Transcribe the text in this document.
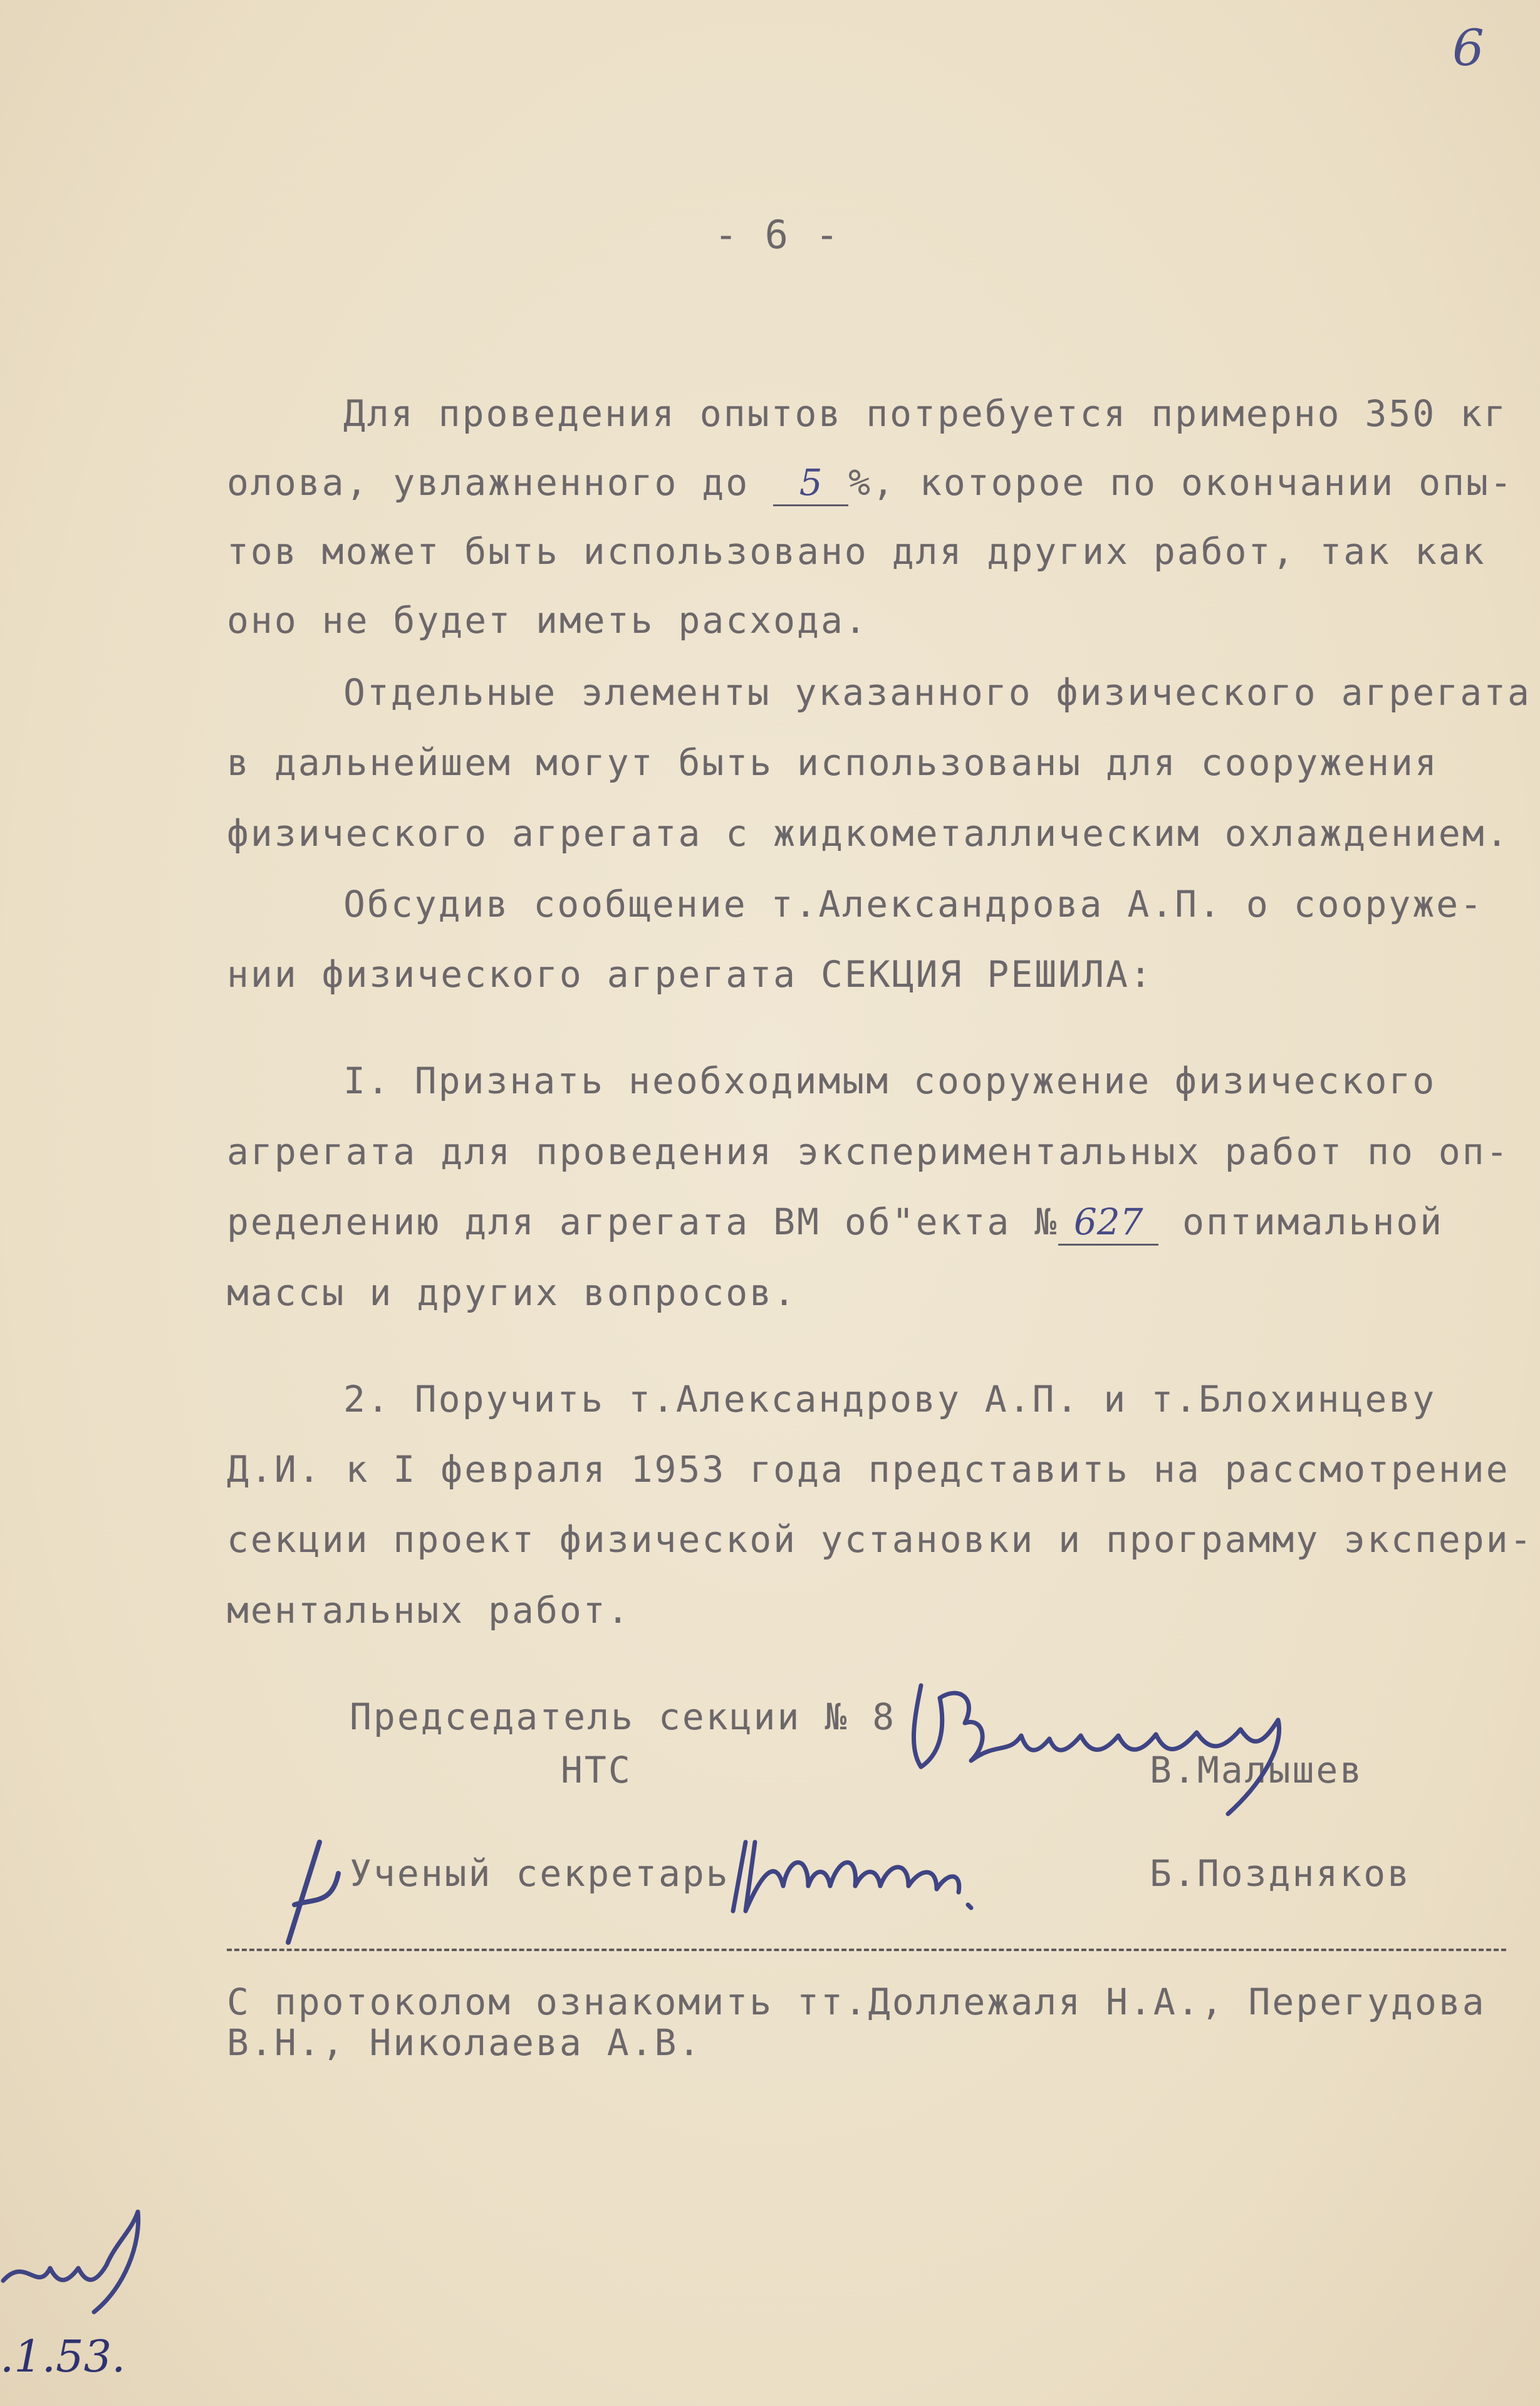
6
- 6 -
Для проведения опытов потребуется примерно 350 кг
олова, увлажненного до 5 %, которое по окончании опы-
тов может быть использовано для других работ, так как
оно не будет иметь расхода.
Отдельные элементы указанного физического агрегата
в дальнейшем могут быть использованы для сооружения
физического агрегата с жидкометаллическим охлаждением.
Обсудив сообщение т.Александрова А.П. о сооруже-
нии физического агрегата СЕКЦИЯ РЕШИЛА:
I. Признать необходимым сооружение физического
агрегата для проведения экспериментальных работ по оп-
ределению для агрегата ВМ об"екта № 627 оптимальной
массы и других вопросов.
2. Поручить т.Александрову А.П. и т.Блохинцеву
Д.И. к I февраля 1953 года представить на рассмотрение
секции проект физической установки и программу экспери-
ментальных работ.
Председатель секции № 8
НТС	В.Малышев
Ученый секретарь	Б.Поздняков
С протоколом ознакомить тт.Доллежаля Н.А., Перегудова
В.Н., Николаева А.В.
.1.53.
